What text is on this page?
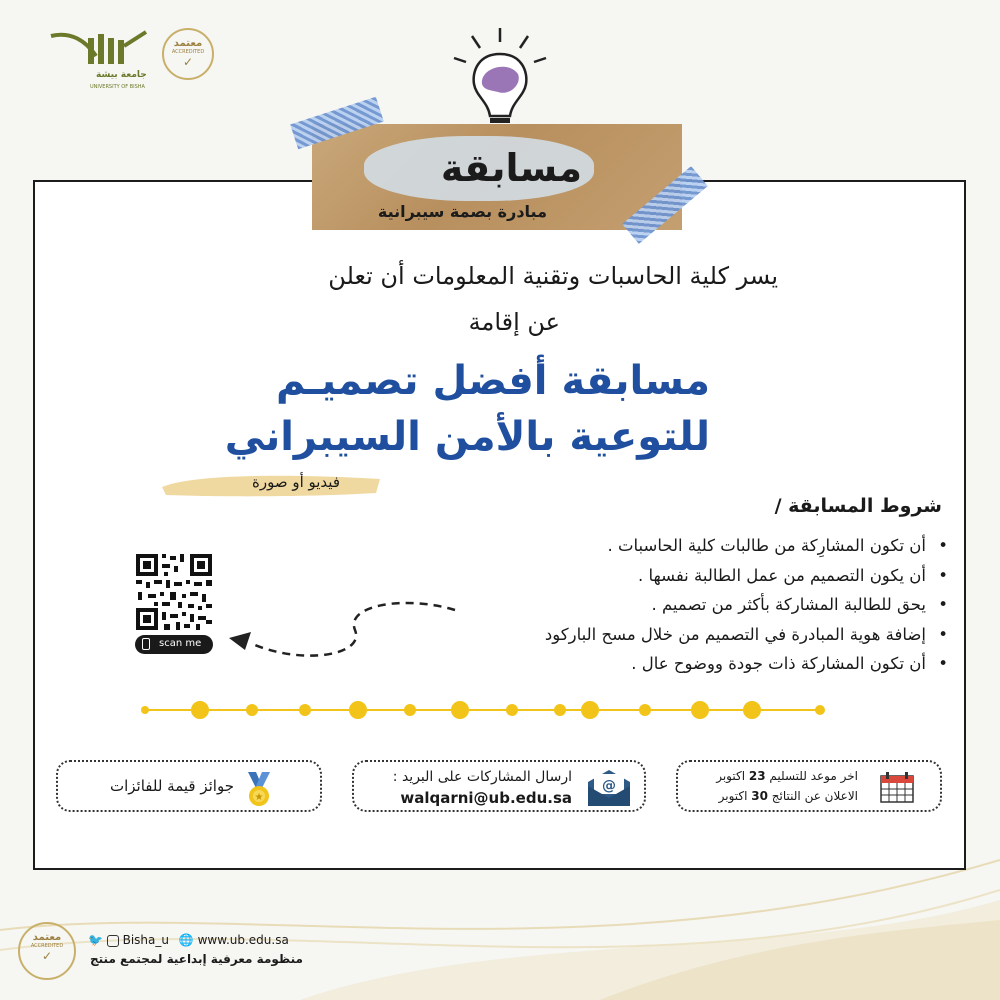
جامعة بيشة
UNIVERSITY OF BISHA
معتمد
ACCREDITED
✓
مسابقة
مبادرة بصمة سيبرانية
يسر كلية الحاسبات وتقنية المعلومات أن تعلن
عن إقامة
مسابقة أفضل تصميـم
للتوعية بالأمن السيبراني
فيديو أو صورة
شروط المسابقة /
• أن تكون المشارِكة من طالبات كلية الحاسبات .
• أن يكون التصميم من عمل الطالبة نفسها .
• يحق للطالبة المشاركة بأكثر من تصميم .
• إضافة هوية المبادرة في التصميم من خلال مسح الباركود
• أن تكون المشاركة ذات جودة ووضوح عال .
scan me
اخر موعد للتسليم 23 اكتوبر
الاعلان عن النتائج 30 اكتوبر
@
ارسال المشاركات على البريد :
walqarni@ub.edu.sa
★
جوائز قيمة للفائزات
معتمد
ACCREDITED
✓
🐦 Bisha_u 🌐 www.ub.edu.sa
منظومة معرفية إبداعية لمجتمع منتج
